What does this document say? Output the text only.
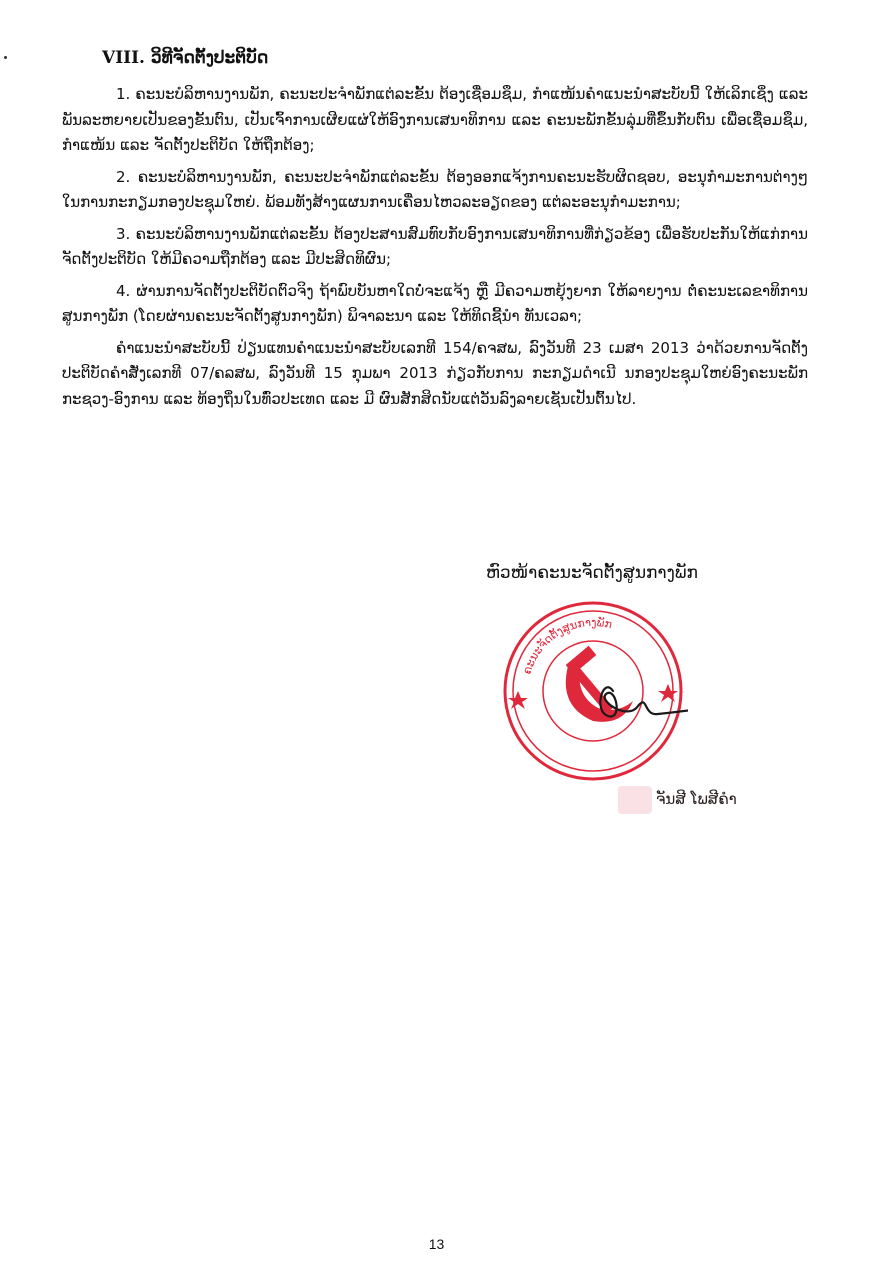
VIII. ວິທີຈັດຕັ້ງປະຕິບັດ

1. ຄະນະບໍລິຫານງານພັກ, ຄະນະປະຈຳພັກແຕ່ລະຂັ້ນ ຕ້ອງເຊື່ອມຊຶມ, ກຳແໜ້ນຄຳແນະນຳສະບັບນີ້ ໃຫ້ເລິກເຊິ່ງ ແລະ ພັນລະຫຍາຍເປັນຂອງຂັ້ນຕົນ, ເປັນເຈົ້າການເຜີຍແຜ່ໃຫ້ອົງການເສນາທິການ ແລະ ຄະນະພັກຂັ້ນລຸ່ມທີ່ຂຶ້ນກັບຕົນ ເພື່ອເຊື່ອມຊຶມ, ກຳແໜ້ນ ແລະ ຈັດຕັ້ງປະຕິບັດ ໃຫ້ຖືກຕ້ອງ;

2. ຄະນະບໍລິຫານງານພັກ, ຄະນະປະຈຳພັກແຕ່ລະຂັ້ນ ຕ້ອງອອກແຈ້ງການຄະນະຮັບຜິດຊອບ, ອະນຸກຳມະການຕ່າງໆໃນການກະກຽມກອງປະຊຸມໃຫຍ່. ພ້ອມທັງສ້າງແຜນການເຄື່ອນໄຫວລະອຽດຂອງ ແຕ່ລະອະນຸກຳມະການ;

3. ຄະນະບໍລິຫານງານພັກແຕ່ລະຂັ້ນ ຕ້ອງປະສານສົມທົບກັບອົງການເສນາທິການທີ່ກ່ຽວຂ້ອງ ເພື່ອຮັບປະກັນໃຫ້ແກ່ການຈັດຕັ້ງປະຕິບັດ ໃຫ້ມີຄວາມຖືກຕ້ອງ ແລະ ມີປະສິດທິຜົນ;

4. ຜ່ານການຈັດຕັ້ງປະຕິບັດຕົວຈິງ ຖ້າພົບບັນຫາໃດບໍ່ຈະແຈ້ງ ຫຼື ມີຄວາມຫຍຸ້ງຍາກ ໃຫ້ລາຍງານ ຕໍ່ຄະນະເລຂາທິການສູນກາງພັກ (ໂດຍຜ່ານຄະນະຈັດຕັ້ງສູນກາງພັກ) ພິຈາລະນາ ແລະ ໃຫ້ທິດຊີ້ນຳ ທັນເວລາ;

ຄຳແນະນຳສະບັບນີ້ ປ່ຽນແທນຄຳແນະນຳສະບັບເລກທີ 154/ຄຈສພ, ລົງວັນທີ 23 ເມສາ 2013 ວ່າດ້ວຍການຈັດຕັ້ງປະຕິບັດຄຳສັ່ງເລກທີ 07/ຄລສພ, ລົງວັນທີ 15 ກຸມພາ 2013 ກ່ຽວກັບການ ກະກຽມດຳເນີ ນກອງປະຊຸມໃຫຍ່ອົງຄະນະພັກກະຊວງ-ອົງການ ແລະ ທ້ອງຖິ່ນໃນທົ່ວປະເທດ ແລະ ມີ ຜົນສັກສິດນັບແຕ່ວັນລົງລາຍເຊັນເປັນຕົ້ນໄປ.

ຫົວໜ້າຄະນະຈັດຕັ້ງສູນກາງພັກ
ຄະນະຈັດຕັ້ງສູນກາງພັກ
ຈັນສີ ໂພສີຄຳ
13
